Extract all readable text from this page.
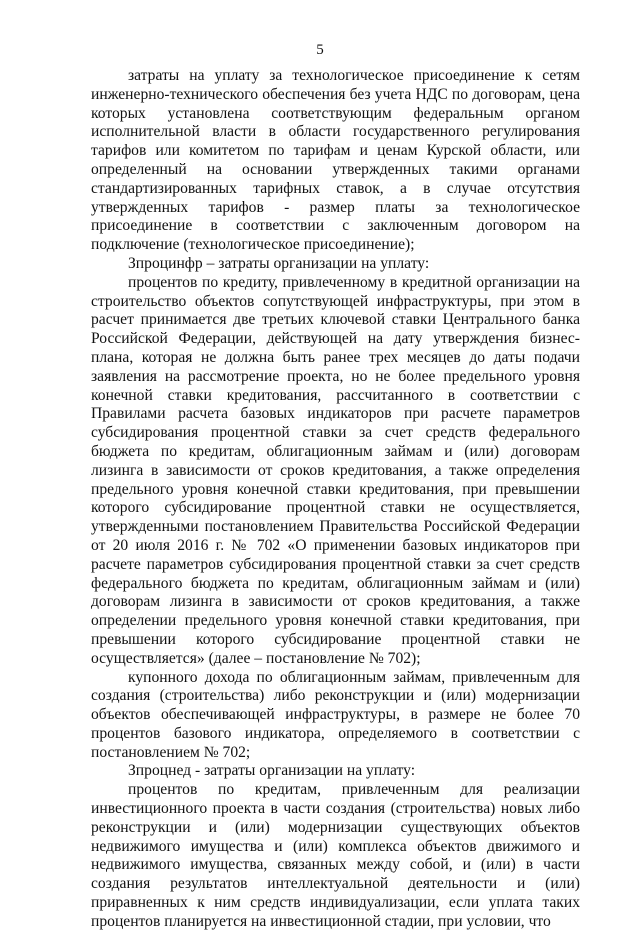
5

затраты на уплату за технологическое присоединение к сетям инженерно-технического обеспечения без учета НДС по договорам, цена которых установлена соответствующим федеральным органом исполнительной власти в области государственного регулирования тарифов или комитетом по тарифам и ценам Курской области, или определенный на основании утвержденных такими органами стандартизированных тарифных ставок, а в случае отсутствия утвержденных тарифов - размер платы за технологическое присоединение в соответствии с заключенным договором на подключение (технологическое присоединение);

Зпроцинфр – затраты организации на уплату:

процентов по кредиту, привлеченному в кредитной организации на строительство объектов сопутствующей инфраструктуры, при этом в расчет принимается две третьих ключевой ставки Центрального банка Российской Федерации, действующей на дату утверждения бизнес-плана, которая не должна быть ранее трех месяцев до даты подачи заявления на рассмотрение проекта, но не более предельного уровня конечной ставки кредитования, рассчитанного в соответствии с Правилами расчета базовых индикаторов при расчете параметров субсидирования процентной ставки за счет средств федерального бюджета по кредитам, облигационным займам и (или) договорам лизинга в зависимости от сроков кредитования, а также определения предельного уровня конечной ставки кредитования, при превышении которого субсидирование процентной ставки не осуществляется, утвержденными постановлением Правительства Российской Федерации от 20 июля 2016 г. № 702 «О применении базовых индикаторов при расчете параметров субсидирования процентной ставки за счет средств федерального бюджета по кредитам, облигационным займам и (или) договорам лизинга в зависимости от сроков кредитования, а также определении предельного уровня конечной ставки кредитования, при превышении которого субсидирование процентной ставки не осуществляется» (далее – постановление № 702);

купонного дохода по облигационным займам, привлеченным для создания (строительства) либо реконструкции и (или) модернизации объектов обеспечивающей инфраструктуры, в размере не более 70 процентов базового индикатора, определяемого в соответствии с постановлением № 702;

Зпроцнед - затраты организации на уплату:

процентов по кредитам, привлеченным для реализации инвестиционного проекта в части создания (строительства) новых либо реконструкции и (или) модернизации существующих объектов недвижимого имущества и (или) комплекса объектов движимого и недвижимого имущества, связанных между собой, и (или) в части создания результатов интеллектуальной деятельности и (или) приравненных к ним средств индивидуализации, если уплата таких процентов планируется на инвестиционной стадии, при условии, что
